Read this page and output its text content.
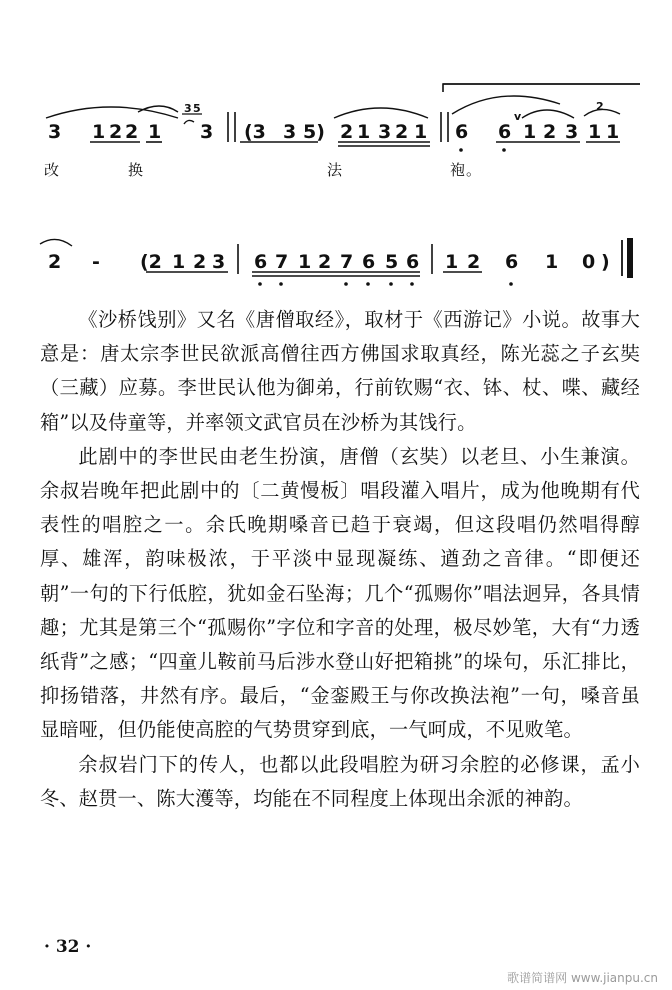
3 1 2 2 1
3 5
3 (3 3 5) 2 1 3 2 1 6 6
v
1 2 3 1
2
1
改	换	法	袍 。
2 - (2 1 2 3 6 7 1 2 7 6 5 6 1 2 6 1 0 )

《沙桥饯别》又名《唐僧取经》，取材于《西游记》小说。故事大意是：唐太宗李世民欲派高僧往西方佛国求取真经，陈光蕊之子玄奘（三藏）应募。李世民认他为御弟，行前钦赐“衣、钵、杖、喋、藏经箱”以及侍童等，并率领文武官员在沙桥为其饯行。

此剧中的李世民由老生扮演，唐僧（玄奘）以老旦、小生兼演。余叔岩晚年把此剧中的〔二黄慢板〕唱段灌入唱片，成为他晚期有代表性的唱腔之一。余氏晚期嗓音已趋于衰竭，但这段唱仍然唱得醇厚、雄浑，韵味极浓，于平淡中显现凝练、遒劲之音律。“即便还朝”一句的下行低腔，犹如金石坠海；几个“孤赐你”唱法迥异，各具情趣；尤其是第三个“孤赐你”字位和字音的处理，极尽妙笔，大有“力透纸背”之感；“四童儿鞍前马后涉水登山好把箱挑”的垛句，乐汇排比，抑扬错落，井然有序。最后，“金銮殿王与你改换法袍”一句，嗓音虽显暗哑，但仍能使高腔的气势贯穿到底，一气呵成，不见败笔。

余叔岩门下的传人，也都以此段唱腔为研习余腔的必修课，孟小冬、赵贯一、陈大濩等，均能在不同程度上体现出余派的神韵。

· 32 ·
歌谱简谱网 www.jianpu.cn
